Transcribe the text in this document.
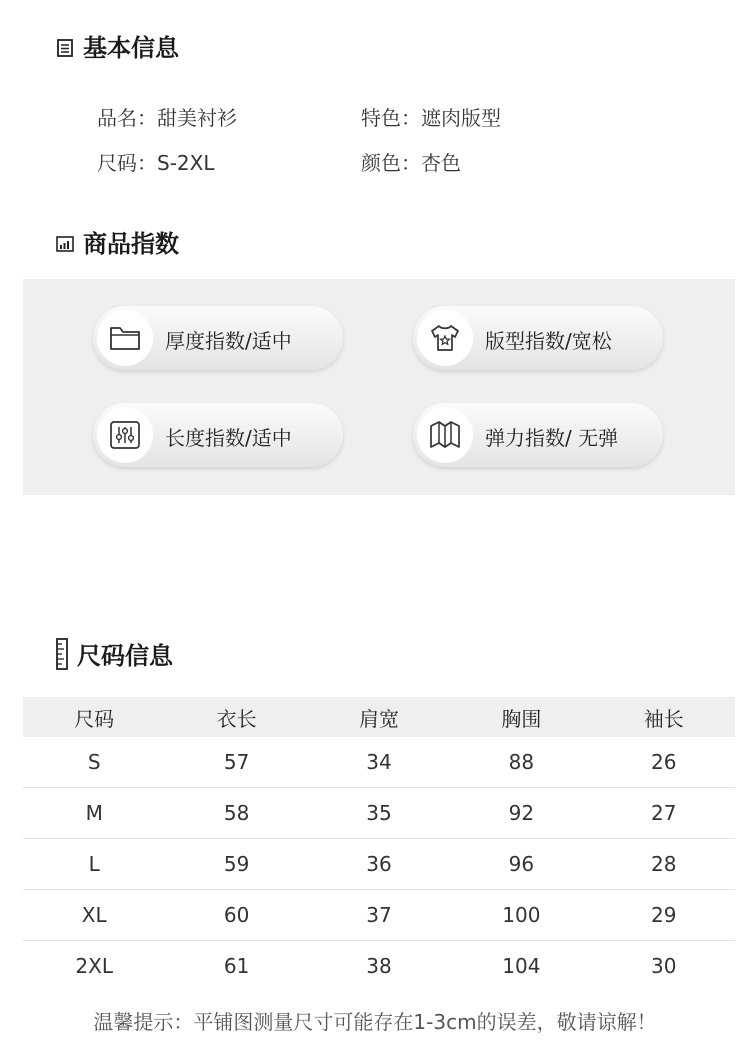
基本信息
品名：甜美衬衫	特色：遮肉版型
尺码：S-2XL	颜色：杏色
商品指数
厚度指数/适中	版型指数/宽松
长度指数/适中	弹力指数/ 无弹
尺码信息
尺码	衣长	肩宽	胸围	袖长
S	57	34	88	26
M	58	35	92	27
L	59	36	96	28
XL	60	37	100	29
2XL	61	38	104	30
温馨提示：平铺图测量尺寸可能存在1-3cm的误差，敬请谅解！
